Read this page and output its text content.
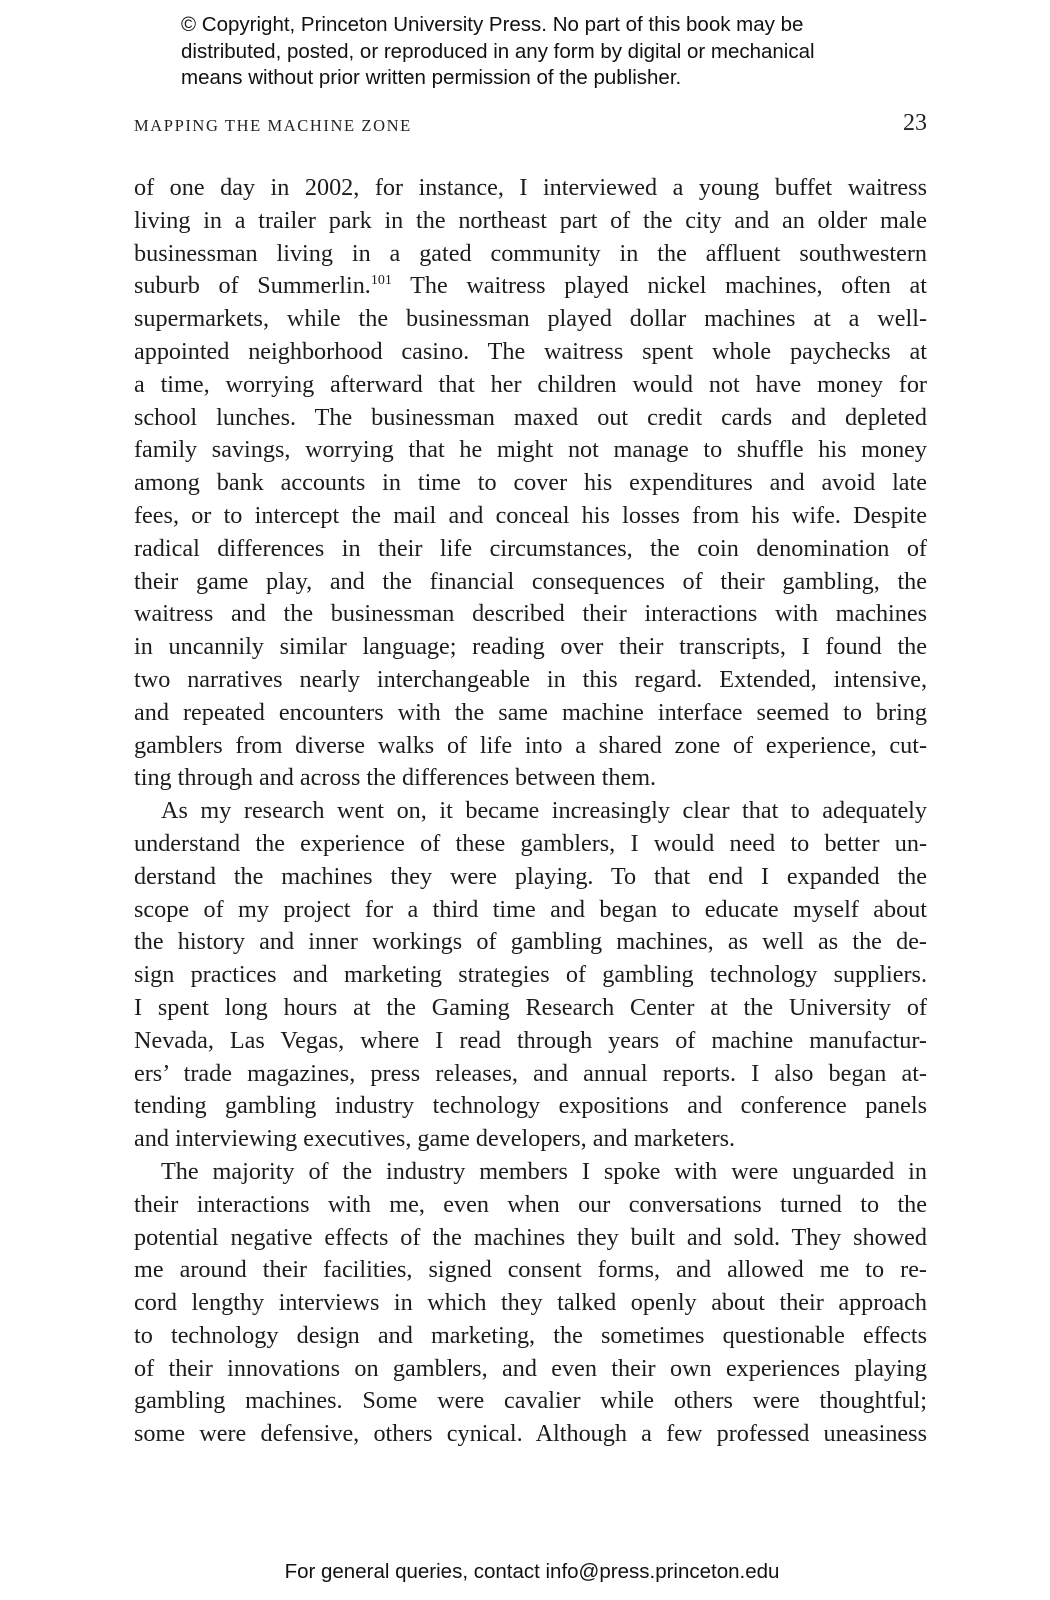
© Copyright, Princeton University Press. No part of this book may be
distributed, posted, or reproduced in any form by digital or mechanical
means without prior written permission of the publisher.
MAPPING THE MACHINE ZONE	23
of one day in 2002, for instance, I interviewed a young buffet waitress
living in a trailer park in the northeast part of the city and an older male
businessman living in a gated community in the affluent southwestern
suburb of Summerlin.$^{101}$ The waitress played nickel machines, often at
supermarkets, while the businessman played dollar machines at a well-
appointed neighborhood casino. The waitress spent whole paychecks at
a time, worrying afterward that her children would not have money for
school lunches. The businessman maxed out credit cards and depleted
family savings, worrying that he might not manage to shuffle his money
among bank accounts in time to cover his expenditures and avoid late
fees, or to intercept the mail and conceal his losses from his wife. Despite
radical differences in their life circumstances, the coin denomination of
their game play, and the financial consequences of their gambling, the
waitress and the businessman described their interactions with machines
in uncannily similar language; reading over their transcripts, I found the
two narratives nearly interchangeable in this regard. Extended, intensive,
and repeated encounters with the same machine interface seemed to bring
gamblers from diverse walks of life into a shared zone of experience, cut-
ting through and across the differences between them.
As my research went on, it became increasingly clear that to adequately
understand the experience of these gamblers, I would need to better un-
derstand the machines they were playing. To that end I expanded the
scope of my project for a third time and began to educate myself about
the history and inner workings of gambling machines, as well as the de-
sign practices and marketing strategies of gambling technology suppliers.
I spent long hours at the Gaming Research Center at the University of
Nevada, Las Vegas, where I read through years of machine manufactur-
ers’ trade magazines, press releases, and annual reports. I also began at-
tending gambling industry technology expositions and conference panels
and interviewing executives, game developers, and marketers.
The majority of the industry members I spoke with were unguarded in
their interactions with me, even when our conversations turned to the
potential negative effects of the machines they built and sold. They showed
me around their facilities, signed consent forms, and allowed me to re-
cord lengthy interviews in which they talked openly about their approach
to technology design and marketing, the sometimes questionable effects
of their innovations on gamblers, and even their own experiences playing
gambling machines. Some were cavalier while others were thoughtful;
some were defensive, others cynical. Although a few professed uneasiness
For general queries, contact info@press.princeton.edu
